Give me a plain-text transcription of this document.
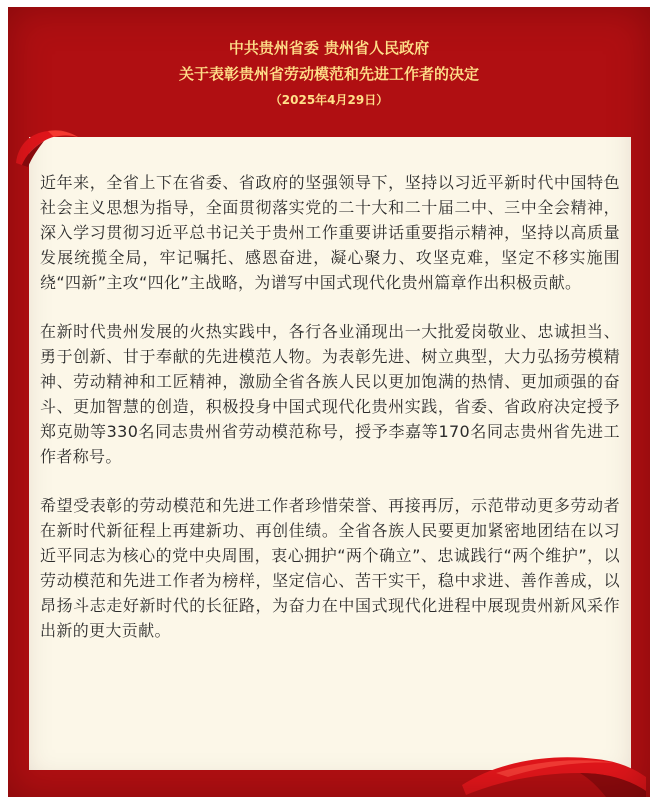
中共贵州省委 贵州省人民政府
关于表彰贵州省劳动模范和先进工作者的决定
（2025年4月29日）

近年来，全省上下在省委、省政府的坚强领导下，坚持以习近平新时代中国特色社会主义思想为指导，全面贯彻落实党的二十大和二十届二中、三中全会精神，深入学习贯彻习近平总书记关于贵州工作重要讲话重要指示精神，坚持以高质量发展统揽全局，牢记嘱托、感恩奋进，凝心聚力、攻坚克难，坚定不移实施围绕“四新”主攻“四化”主战略，为谱写中国式现代化贵州篇章作出积极贡献。

在新时代贵州发展的火热实践中，各行各业涌现出一大批爱岗敬业、忠诚担当、勇于创新、甘于奉献的先进模范人物。为表彰先进、树立典型，大力弘扬劳模精神、劳动精神和工匠精神，激励全省各族人民以更加饱满的热情、更加顽强的奋斗、更加智慧的创造，积极投身中国式现代化贵州实践，省委、省政府决定授予郑克勋等330名同志贵州省劳动模范称号，授予李嘉等170名同志贵州省先进工作者称号。

希望受表彰的劳动模范和先进工作者珍惜荣誉、再接再厉，示范带动更多劳动者在新时代新征程上再建新功、再创佳绩。全省各族人民要更加紧密地团结在以习近平同志为核心的党中央周围，衷心拥护“两个确立”、忠诚践行“两个维护”，以劳动模范和先进工作者为榜样，坚定信心、苦干实干，稳中求进、善作善成，以昂扬斗志走好新时代的长征路，为奋力在中国式现代化进程中展现贵州新风采作出新的更大贡献。
